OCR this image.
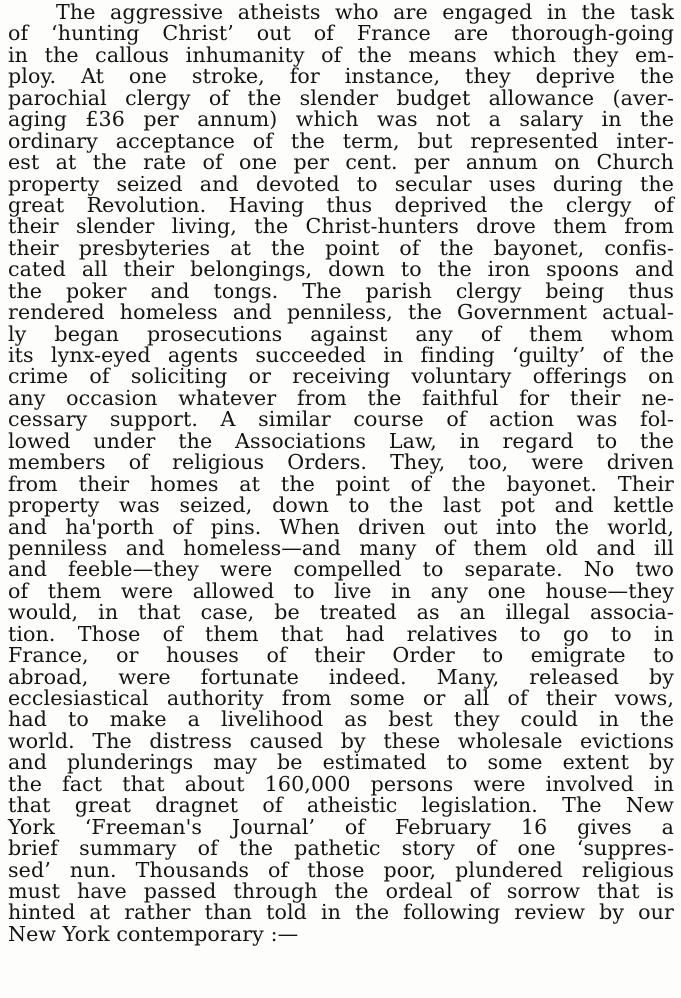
The aggressive atheists who are engaged in the task
of ‘hunting Christ’ out of France are thorough-going
in the callous inhumanity of the means which they em-
ploy. At one stroke, for instance, they deprive the
parochial clergy of the slender budget allowance (aver-
aging £36 per annum) which was not a salary in the
ordinary acceptance of the term, but represented inter-
est at the rate of one per cent. per annum on Church
property seized and devoted to secular uses during the
great Revolution. Having thus deprived the clergy of
their slender living, the Christ-hunters drove them from
their presbyteries at the point of the bayonet, confis-
cated all their belongings, down to the iron spoons and
the poker and tongs. The parish clergy being thus
rendered homeless and penniless, the Government actual-
ly began prosecutions against any of them whom
its lynx-eyed agents succeeded in finding ‘guilty’ of the
crime of soliciting or receiving voluntary offerings on
any occasion whatever from the faithful for their ne-
cessary support. A similar course of action was fol-
lowed under the Associations Law, in regard to the
members of religious Orders. They, too, were driven
from their homes at the point of the bayonet. Their
property was seized, down to the last pot and kettle
and ha'porth of pins. When driven out into the world,
penniless and homeless—and many of them old and ill
and feeble—they were compelled to separate. No two
of them were allowed to live in any one house—they
would, in that case, be treated as an illegal associa-
tion. Those of them that had relatives to go to in
France, or houses of their Order to emigrate to
abroad, were fortunate indeed. Many, released by
ecclesiastical authority from some or all of their vows,
had to make a livelihood as best they could in the
world. The distress caused by these wholesale evictions
and plunderings may be estimated to some extent by
the fact that about 160,000 persons were involved in
that great dragnet of atheistic legislation. The New
York ‘Freeman's Journal’ of February 16 gives a
brief summary of the pathetic story of one ‘suppres-
sed’ nun. Thousands of those poor, plundered religious
must have passed through the ordeal of sorrow that is
hinted at rather than told in the following review by our
New York contemporary :—
